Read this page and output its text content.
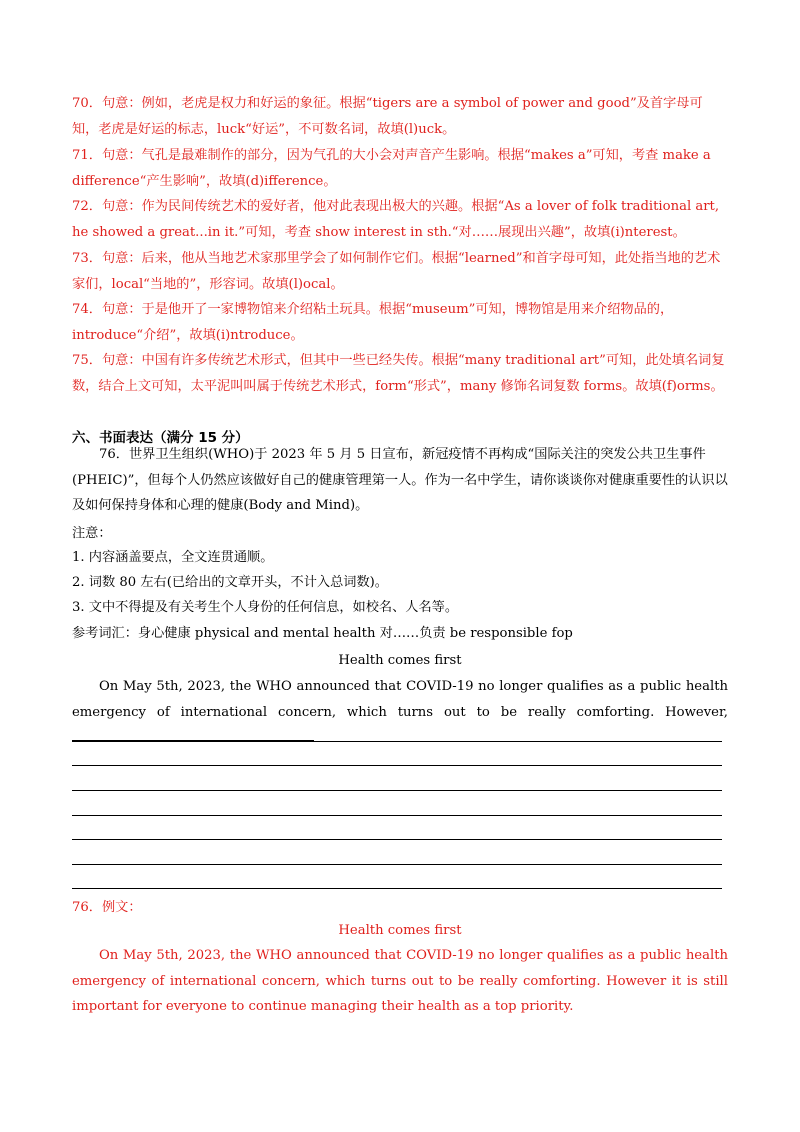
70．句意：例如，老虎是权力和好运的象征。根据“tigers are a symbol of power and good”及首字母可知，老虎是好运的标志，luck“好运”，不可数名词，故填(l)uck。
71．句意：气孔是最难制作的部分，因为气孔的大小会对声音产生影响。根据“makes a”可知，考查 make a difference“产生影响”，故填(d)ifference。
72．句意：作为民间传统艺术的爱好者，他对此表现出极大的兴趣。根据“As a lover of folk traditional art, he showed a great...in it.”可知，考查 show interest in sth.“对……展现出兴趣”，故填(i)nterest。
73．句意：后来，他从当地艺术家那里学会了如何制作它们。根据“learned”和首字母可知，此处指当地的艺术家们，local“当地的”，形容词。故填(l)ocal。
74．句意：于是他开了一家博物馆来介绍粘土玩具。根据“museum”可知，博物馆是用来介绍物品的，introduce“介绍”，故填(i)ntroduce。
75．句意：中国有许多传统艺术形式，但其中一些已经失传。根据“many traditional art”可知，此处填名词复数，结合上文可知，太平泥叫叫属于传统艺术形式，form“形式”，many 修饰名词复数 forms。故填(f)orms。
六、书面表达（满分 15 分）
76．世界卫生组织(WHO)于 2023 年 5 月 5 日宣布，新冠疫情不再构成“国际关注的突发公共卫生事件(PHEIC)”，但每个人仍然应该做好自己的健康管理第一人。作为一名中学生，请你谈谈你对健康重要性的认识以及如何保持身体和心理的健康(Body and Mind)。
注意：
1. 内容涵盖要点，全文连贯通顺。
2. 词数 80 左右(已给出的文章开头，不计入总词数)。
3. 文中不得提及有关考生个人身份的任何信息，如校名、人名等。
参考词汇：身心健康 physical and mental health 对……负责 be responsible fop
Health comes first
On May 5th, 2023, the WHO announced that COVID-19 no longer qualifies as a public health emergency of international concern, which turns out to be really comforting. However,
76．例文：
Health comes first
On May 5th, 2023, the WHO announced that COVID-19 no longer qualifies as a public health emergency of international concern, which turns out to be really comforting. However it is still important for everyone to continue managing their health as a top priority.
